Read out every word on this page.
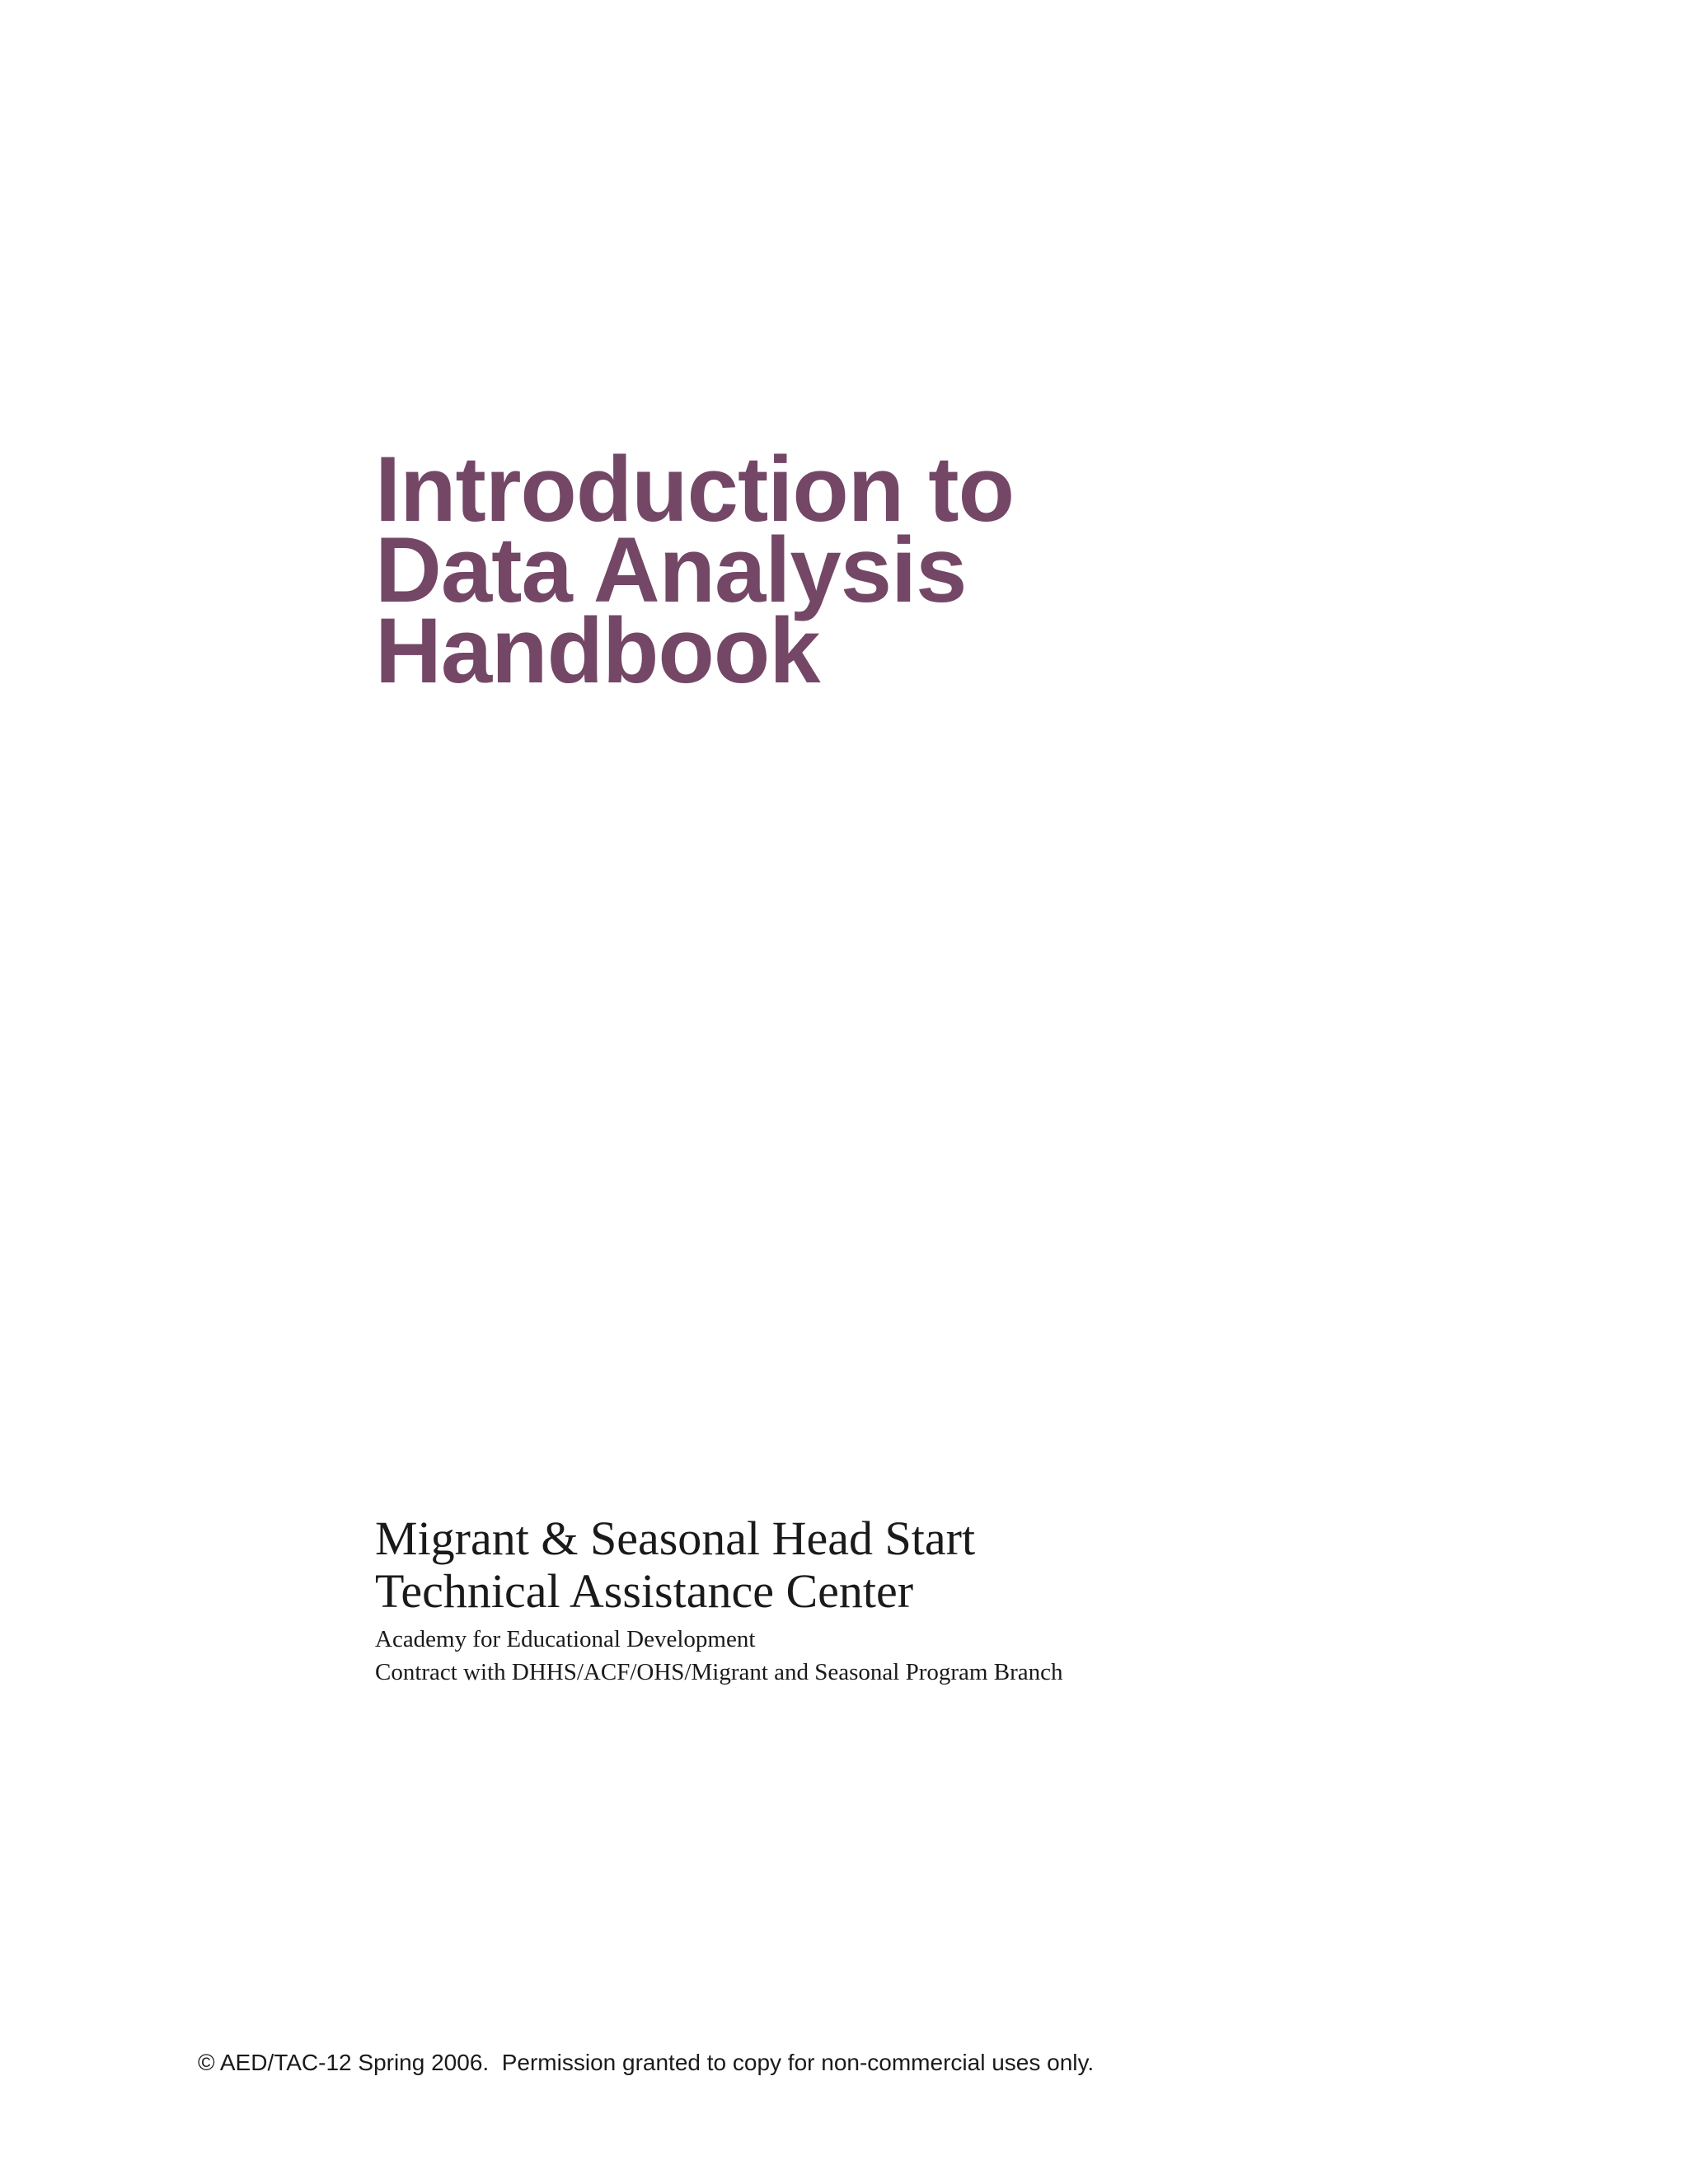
Introduction to
Data Analysis
Handbook
Migrant & Seasonal Head Start
Technical Assistance Center
Academy for Educational Development
Contract with DHHS/ACF/OHS/Migrant and Seasonal Program Branch
© AED/TAC-12 Spring 2006.  Permission granted to copy for non-commercial uses only.
